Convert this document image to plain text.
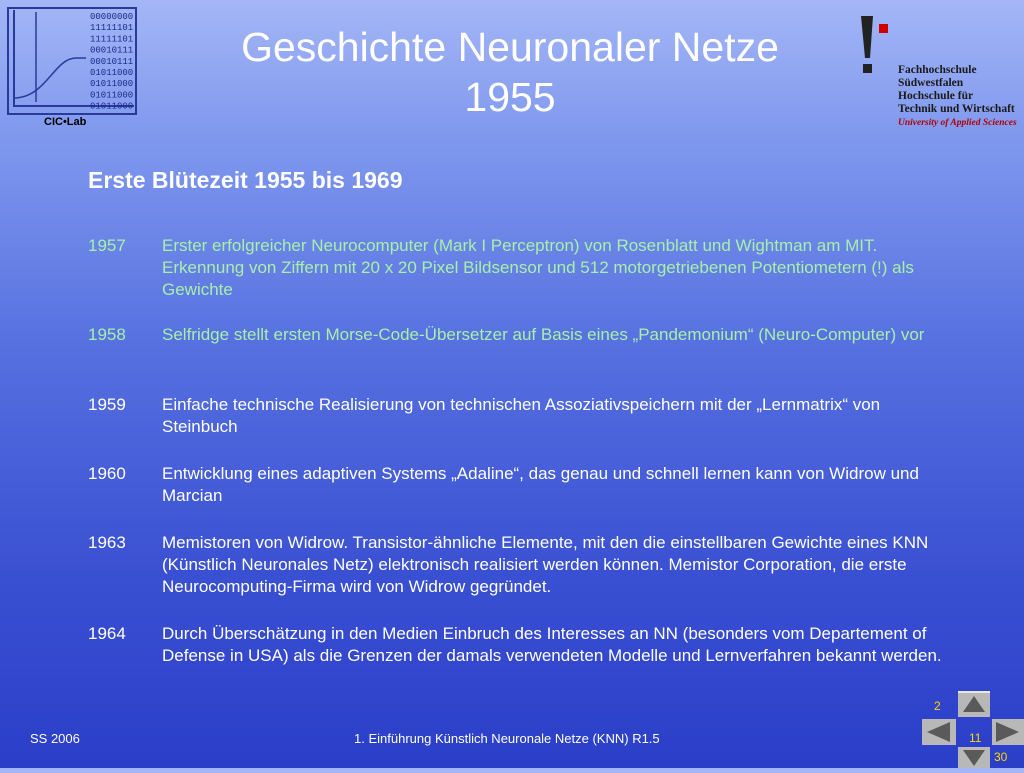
00000000
11111101
11111101
00010111
00010111
01011000
01011000
01011000
01011000
CIC•Lab
Geschichte Neuronaler Netze
1955
Fachhochschule
Südwestfalen
Hochschule für
Technik und Wirtschaft
University of Applied Sciences
Erste Blütezeit 1955 bis 1969
1957 Erster erfolgreicher Neurocomputer (Mark I Perceptron) von Rosenblatt und Wightman am MIT. Erkennung von Ziffern mit 20 x 20 Pixel Bildsensor und 512 motorgetriebenen Potentiometern (!) als Gewichte
1958 Selfridge stellt ersten Morse-Code-Übersetzer auf Basis eines „Pandemonium“ (Neuro-Computer) vor
1959 Einfache technische Realisierung von technischen Assoziativspeichern mit der „Lernmatrix“ von Steinbuch
1960 Entwicklung eines adaptiven Systems „Adaline“, das genau und schnell lernen kann von Widrow und Marcian
1963 Memistoren von Widrow. Transistor-ähnliche Elemente, mit den die einstellbaren Gewichte eines KNN (Künstlich Neuronales Netz) elektronisch realisiert werden können. Memistor Corporation, die erste Neurocomputing-Firma wird von Widrow gegründet.
1964 Durch Überschätzung in den Medien Einbruch des Interesses an NN (besonders vom Departement of Defense in USA) als die Grenzen der damals verwendeten Modelle und Lernverfahren bekannt werden.
SS 2006	1. Einführung Künstlich Neuronale Netze (KNN) R1.5
2
11
30
